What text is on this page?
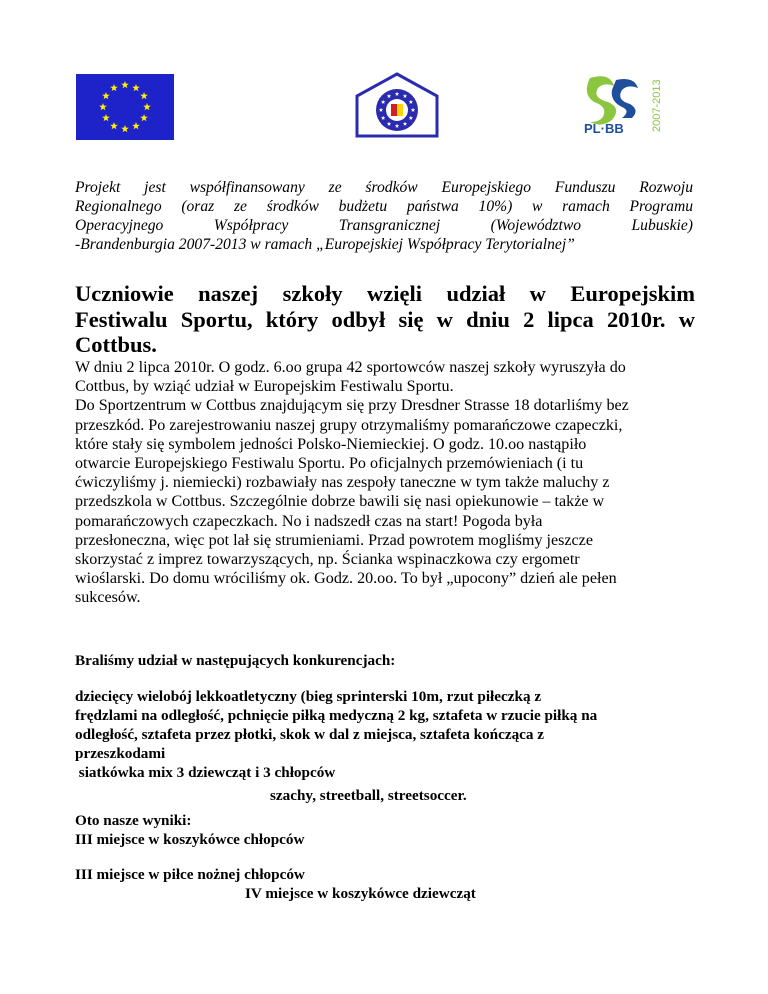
PL·BB 2007-2013
Projekt jest współfinansowany ze środków Europejskiego Funduszu Rozwoju
Regionalnego (oraz ze środków budżetu państwa 10%) w ramach Programu
Operacyjnego Współpracy Transgranicznej (Województwo Lubuskie)
-Brandenburgia 2007-2013 w ramach „Europejskiej Współpracy Terytorialnej”
Uczniowie naszej szkoły wzięli udział w Europejskim
Festiwalu Sportu, który odbył się w dniu 2 lipca 2010r. w
Cottbus.
W dniu 2 lipca 2010r. O godz. 6.oo grupa 42 sportowców naszej szkoły wyruszyła do
Cottbus, by wziąć udział w Europejskim Festiwalu Sportu.
Do Sportzentrum w Cottbus znajdującym się przy Dresdner Strasse 18 dotarliśmy bez
przeszkód. Po zarejestrowaniu naszej grupy otrzymaliśmy pomarańczowe czapeczki,
które stały się symbolem jedności Polsko-Niemieckiej. O godz. 10.oo nastąpiło
otwarcie Europejskiego Festiwalu Sportu. Po oficjalnych przemówieniach (i tu
ćwiczyliśmy j. niemiecki) rozbawiały nas zespoły taneczne w tym także maluchy z
przedszkola w Cottbus. Szczególnie dobrze bawili się nasi opiekunowie – także w
pomarańczowych czapeczkach. No i nadszedł czas na start! Pogoda była
przesłoneczna, więc pot lał się strumieniami. Przad powrotem mogliśmy jeszcze
skorzystać z imprez towarzyszących, np. Ścianka wspinaczkowa czy ergometr
wioślarski. Do domu wróciliśmy ok. Godz. 20.oo. To był „upocony” dzień ale pełen
sukcesów.
Braliśmy udział w następujących konkurencjach:
dziecięcy wielobój lekkoatletyczny (bieg sprinterski 10m, rzut piłeczką z
frędzlami na odległość, pchnięcie piłką medyczną 2 kg, sztafeta w rzucie piłką na
odległość, sztafeta przez płotki, skok w dal z miejsca, sztafeta kończąca z
przeszkodami
siatkówka mix 3 dziewcząt i 3 chłopców
szachy, streetball, streetsoccer.
Oto nasze wyniki:
III miejsce w koszykówce chłopców
III miejsce w piłce nożnej chłopców
IV miejsce w koszykówce dziewcząt
